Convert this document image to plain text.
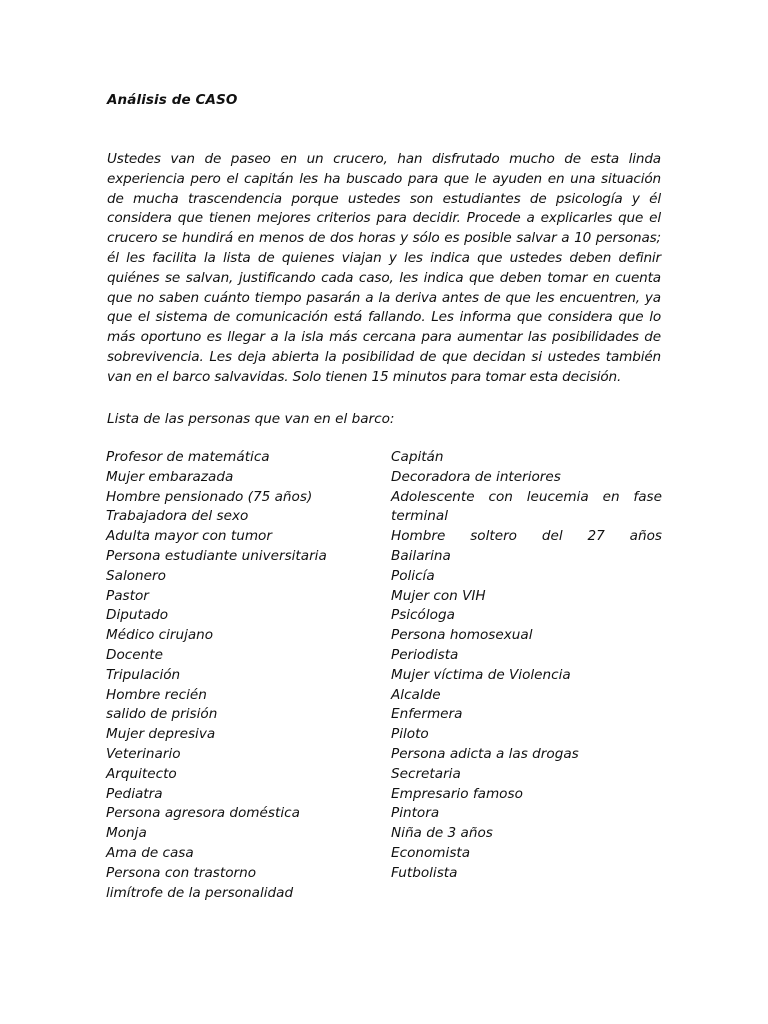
Análisis de CASO
Ustedes van de paseo en un crucero, han disfrutado mucho de esta linda experiencia pero el capitán les ha buscado para que le ayuden en una situación de mucha trascendencia porque ustedes son estudiantes de psicología y él considera que tienen mejores criterios para decidir. Procede a explicarles que el crucero se hundirá en menos de dos horas y sólo es posible salvar a 10 personas; él les facilita la lista de quienes viajan y les indica que ustedes deben definir quiénes se salvan, justificando cada caso, les indica que deben tomar en cuenta que no saben cuánto tiempo pasarán a la deriva antes de que les encuentren, ya que el sistema de comunicación está fallando. Les informa que considera que lo más oportuno es llegar a la isla más cercana para aumentar las posibilidades de sobrevivencia. Les deja abierta la posibilidad de que decidan si ustedes también van en el barco salvavidas. Solo tienen 15 minutos para tomar esta decisión.
Lista de las personas que van en el barco:
Profesor de matemática
Mujer embarazada
Hombre pensionado (75 años)
Trabajadora del sexo
Adulta mayor con tumor
Persona estudiante universitaria
Salonero
Pastor
Diputado
Médico cirujano
Docente
Tripulación
Hombre recién
salido de prisión
Mujer depresiva
Veterinario
Arquitecto
Pediatra
Persona agresora doméstica
Monja
Ama de casa
Persona con trastorno
limítrofe de la personalidad
Capitán
Decoradora de interiores
Adolescente con leucemia en fase
terminal
Hombre soltero del 27 años
Bailarina
Policía
Mujer con VIH
Psicóloga
Persona homosexual
Periodista
Mujer víctima de Violencia
Alcalde
Enfermera
Piloto
Persona adicta a las drogas
Secretaria
Empresario famoso
Pintora
Niña de 3 años
Economista
Futbolista
